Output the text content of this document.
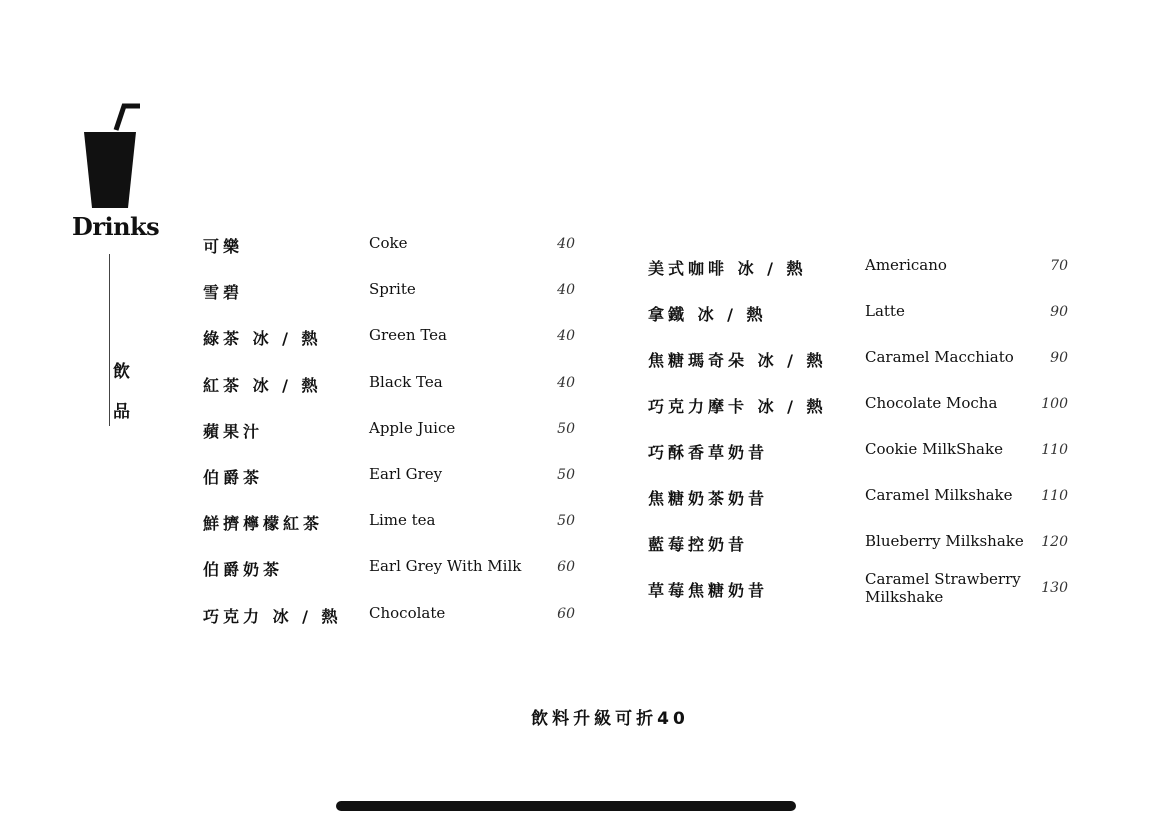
Drinks
飲
品
可樂	Coke	40
雪碧	Sprite	40
綠茶 冰 / 熱	Green Tea	40
紅茶 冰 / 熱	Black Tea	40
蘋果汁	Apple Juice	50
伯爵茶	Earl Grey	50
鮮擠檸檬紅茶	Lime tea	50
伯爵奶茶	Earl Grey With Milk	60
巧克力 冰 / 熱 Chocolate	60
美式咖啡 冰 / 熱	Americano	70
拿鐵 冰 / 熱	Latte	90
焦糖瑪奇朵 冰 / 熱	Caramel Macchiato	90
巧克力摩卡 冰 / 熱	Chocolate Mocha	100
巧酥香草奶昔	Cookie MilkShake	110
焦糖奶茶奶昔	Caramel Milkshake 110
藍莓控奶昔	Blueberry Milkshake 120
草莓焦糖奶昔
Caramel Strawberry
Milkshake	130
飲料升級可折40
